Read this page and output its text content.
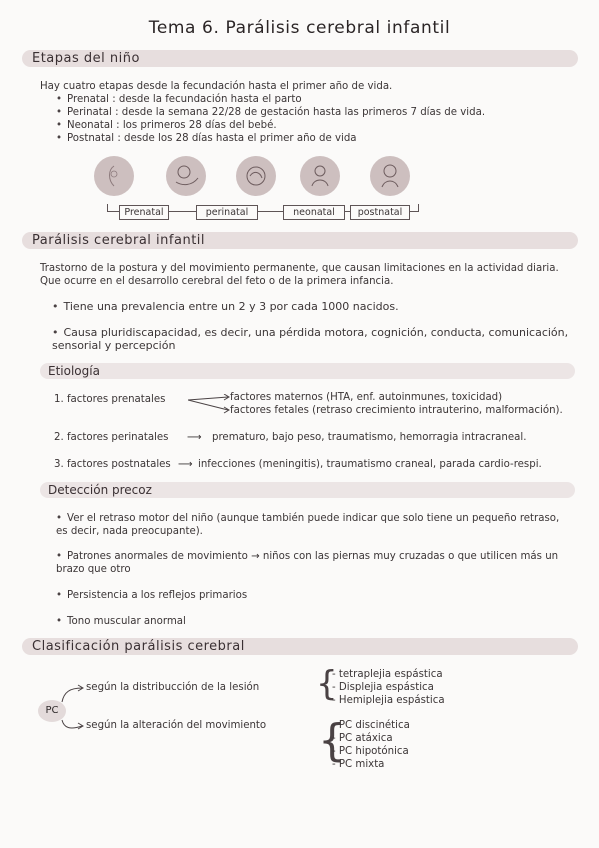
Tema 6. Parálisis cerebral infantil
Etapas del niño
Hay cuatro etapas desde la fecundación hasta el primer año de vida.
• Prenatal : desde la fecundación hasta el parto
• Perinatal : desde la semana 22/28 de gestación hasta las primeros 7 días de vida.
• Neonatal : los primeros 28 días del bebé.
• Postnatal : desde los 28 días hasta el primer año de vida
Prenatal	perinatal	neonatal	postnatal
Parálisis cerebral infantil
Trastorno de la postura y del movimiento permanente, que causan limitaciones en la actividad diaria. Que ocurre en el desarrollo cerebral del feto o de la primera infancia.
• Tiene una prevalencia entre un 2 y 3 por cada 1000 nacidos.
• Causa pluridiscapacidad, es decir, una pérdida motora, cognición, conducta, comunicación, sensorial y percepción
Etiología
1. factores prenatales	factores maternos (HTA, enf. autoinmunes, toxicidad)
factores fetales (retraso crecimiento intrauterino, malformación).
2. factores perinatales ⟶ prematuro, bajo peso, traumatismo, hemorragia intracraneal.
3. factores postnatales ⟶ infecciones (meningitis), traumatismo craneal, parada cardio-respi.
Detección precoz
• Ver el retraso motor del niño (aunque también puede indicar que solo tiene un pequeño retraso, es decir, nada preocupante).
• Patrones anormales de movimiento → niños con las piernas muy cruzadas o que utilicen más un brazo que otro
• Persistencia a los reflejos primarios
• Tono muscular anormal
Clasificación parálisis cerebral
PC
según la distribucción de la lesión {
- tetraplejia espástica
- Displejia espástica
- Hemiplejia espástica
según la alteración del movimiento {
- PC discinética
- PC atáxica
- PC hipotónica
- PC mixta
